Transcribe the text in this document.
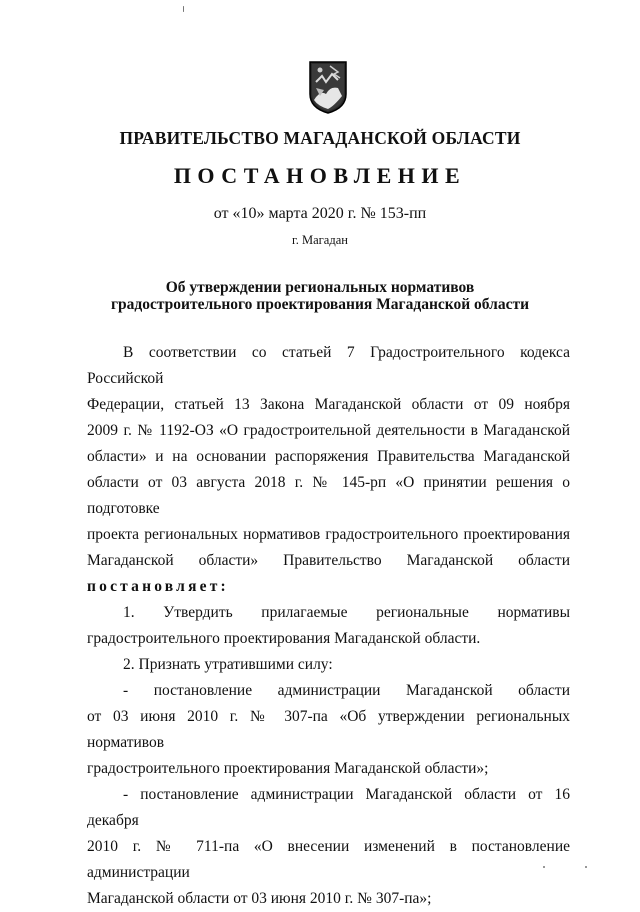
ПРАВИТЕЛЬСТВО МАГАДАНСКОЙ ОБЛАСТИ
ПОСТАНОВЛЕНИЕ
от «10» марта 2020 г. № 153-пп
г. Магадан
Об утверждении региональных нормативов
градостроительного проектирования Магаданской области

В соответствии со статьей 7 Градостроительного кодекса Российской

Федерации, статьей 13 Закона Магаданской области от 09 ноября

2009 г. № 1192-ОЗ «О градостроительной деятельности в Магаданской

области» и на основании распоряжения Правительства Магаданской

области от 03 августа 2018 г. № 145-рп «О принятии решения о подготовке

проекта региональных нормативов градостроительного проектирования

Магаданской области» Правительство Магаданской области

постановляет:

1. Утвердить прилагаемые региональные нормативы

градостроительного проектирования Магаданской области.

2. Признать утратившими силу:

- постановление администрации Магаданской области

от 03 июня 2010 г. № 307-па «Об утверждении региональных нормативов

градостроительного проектирования Магаданской области»;

- постановление администрации Магаданской области от 16 декабря

2010 г. № 711-па «О внесении изменений в постановление администрации

Магаданской области от 03 июня 2010 г. № 307-па»;
